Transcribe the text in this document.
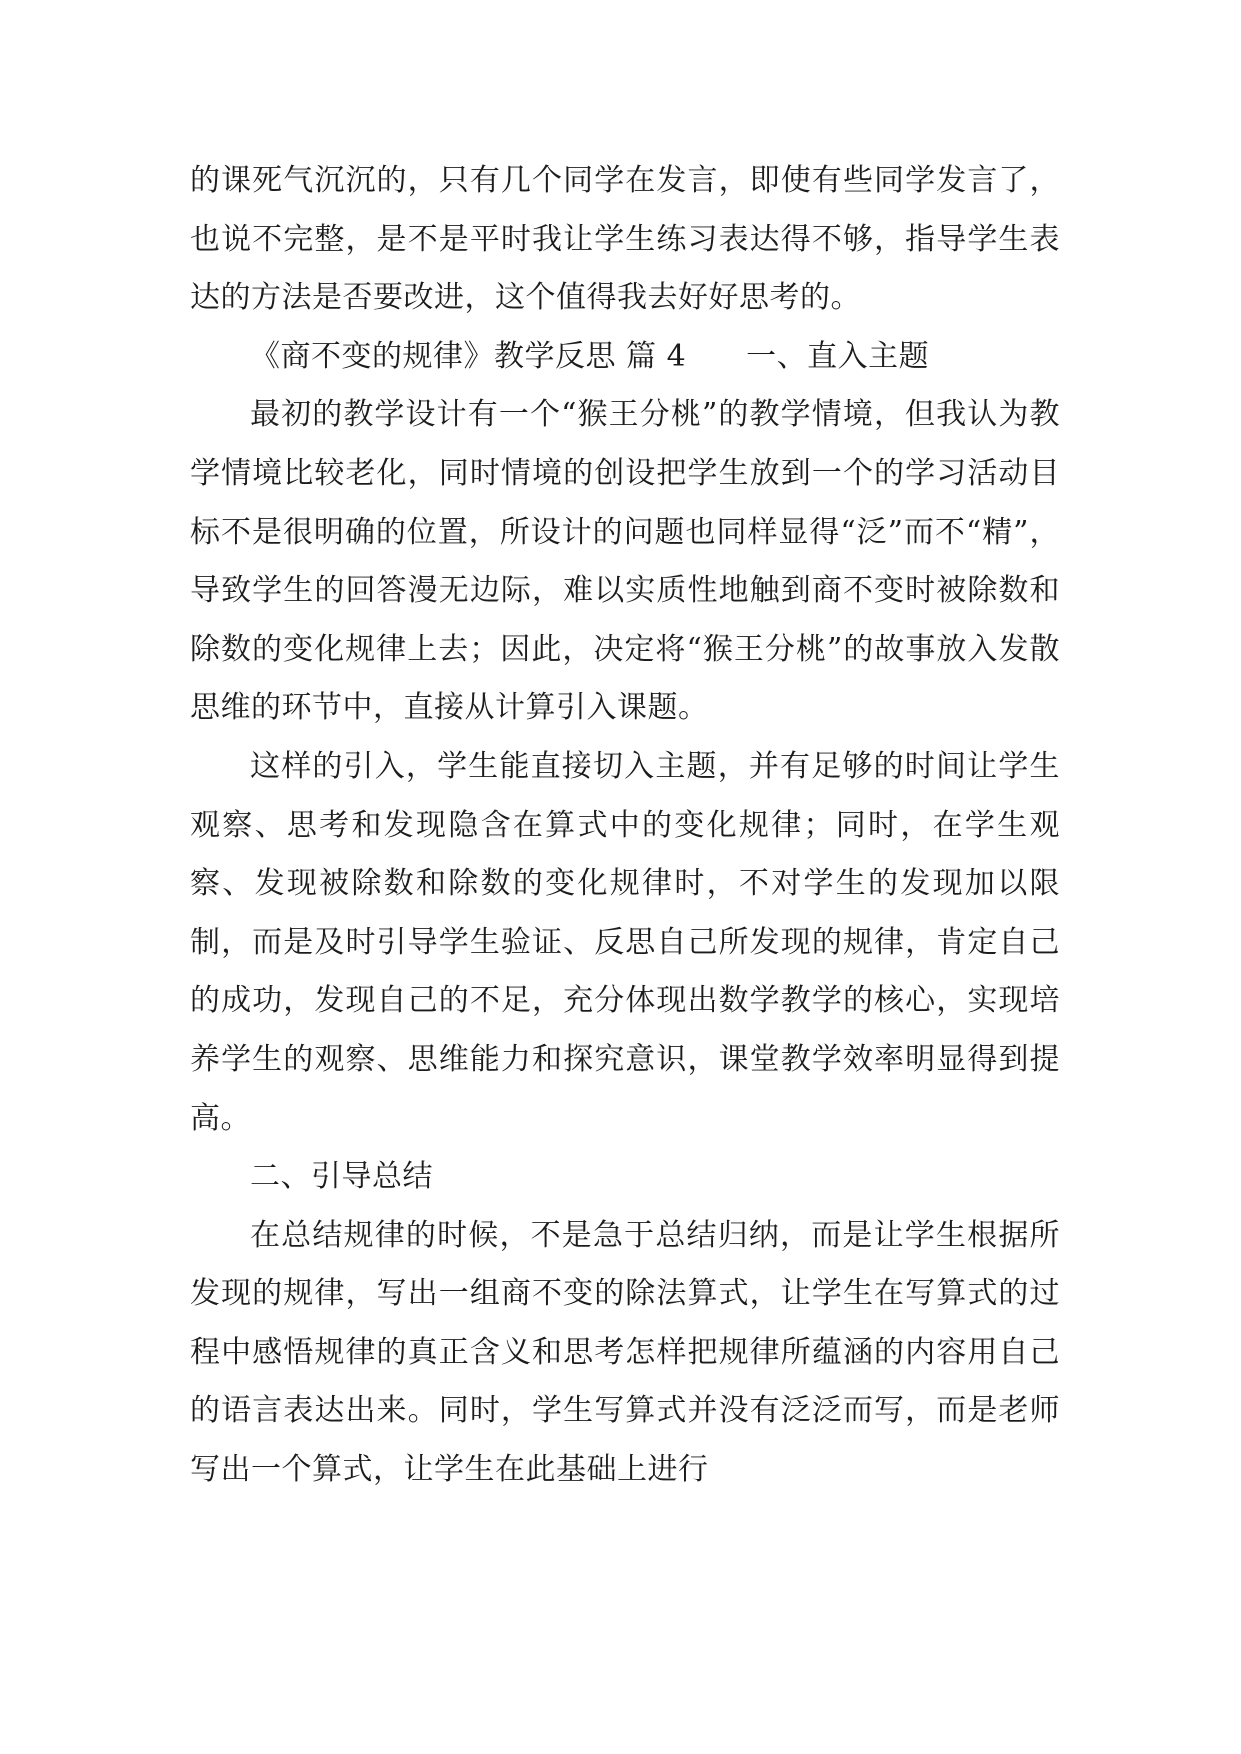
的课死气沉沉的，只有几个同学在发言，即使有些同学发言了，也说不完整，是不是平时我让学生练习表达得不够，指导学生表达的方法是否要改进，这个值得我去好好思考的。

《商不变的规律》教学反思 篇 4 一、直入主题

最初的教学设计有一个“猴王分桃”的教学情境，但我认为教学情境比较老化，同时情境的创设把学生放到一个的学习活动目标不是很明确的位置，所设计的问题也同样显得“泛”而不“精”，导致学生的回答漫无边际，难以实质性地触到商不变时被除数和除数的变化规律上去；因此，决定将“猴王分桃”的故事放入发散思维的环节中，直接从计算引入课题。

这样的引入，学生能直接切入主题，并有足够的时间让学生观察、思考和发现隐含在算式中的变化规律；同时，在学生观察、发现被除数和除数的变化规律时，不对学生的发现加以限制，而是及时引导学生验证、反思自己所发现的规律，肯定自己的成功，发现自己的不足，充分体现出数学教学的核心，实现培养学生的观察、思维能力和探究意识，课堂教学效率明显得到提高。

二、引导总结

在总结规律的时候，不是急于总结归纳，而是让学生根据所发现的规律，写出一组商不变的除法算式，让学生在写算式的过程中感悟规律的真正含义和思考怎样把规律所蕴涵的内容用自己的语言表达出来。同时，学生写算式并没有泛泛而写，而是老师写出一个算式，让学生在此基础上进行
